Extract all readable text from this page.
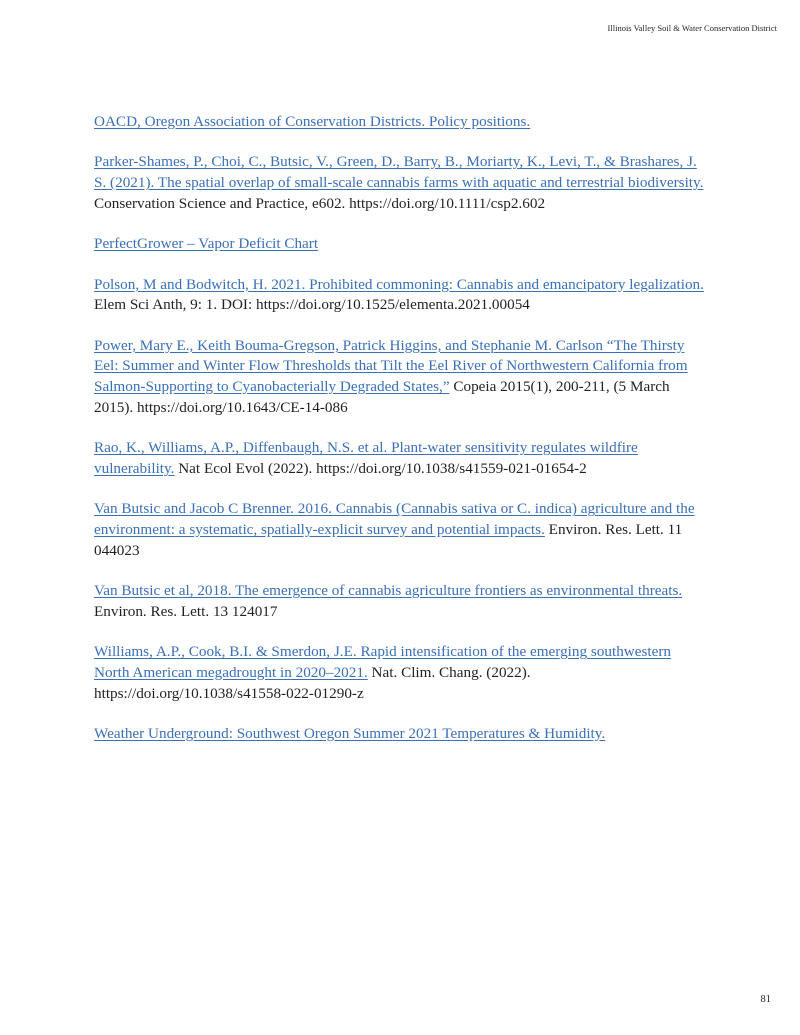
Illinois Valley Soil & Water Conservation District

OACD, Oregon Association of Conservation Districts. Policy positions.

Parker-Shames, P., Choi, C., Butsic, V., Green, D., Barry, B., Moriarty, K., Levi, T., & Brashares, J. S. (2021). The spatial overlap of small-scale cannabis farms with aquatic and terrestrial biodiversity. Conservation Science and Practice, e602. https://doi.org/10.1111/csp2.602

PerfectGrower – Vapor Deficit Chart

Polson, M and Bodwitch, H. 2021. Prohibited commoning: Cannabis and emancipatory legalization. Elem Sci Anth, 9: 1. DOI: https://doi.org/10.1525/elementa.2021.00054

Power, Mary E., Keith Bouma-Gregson, Patrick Higgins, and Stephanie M. Carlson “The Thirsty Eel: Summer and Winter Flow Thresholds that Tilt the Eel River of Northwestern California from Salmon-Supporting to Cyanobacterially Degraded States,” Copeia 2015(1), 200-211, (5 March 2015). https://doi.org/10.1643/CE-14-086

Rao, K., Williams, A.P., Diffenbaugh, N.S. et al. Plant-water sensitivity regulates wildfire vulnerability. Nat Ecol Evol (2022). https://doi.org/10.1038/s41559-021-01654-2

Van Butsic and Jacob C Brenner. 2016. Cannabis (Cannabis sativa or C. indica) agriculture and the environment: a systematic, spatially-explicit survey and potential impacts. Environ. Res. Lett. 11 044023

Van Butsic et al, 2018. The emergence of cannabis agriculture frontiers as environmental threats. Environ. Res. Lett. 13 124017

Williams, A.P., Cook, B.I. & Smerdon, J.E. Rapid intensification of the emerging southwestern North American megadrought in 2020–2021. Nat. Clim. Chang. (2022). https://doi.org/10.1038/s41558-022-01290-z

Weather Underground: Southwest Oregon Summer 2021 Temperatures & Humidity.

81
